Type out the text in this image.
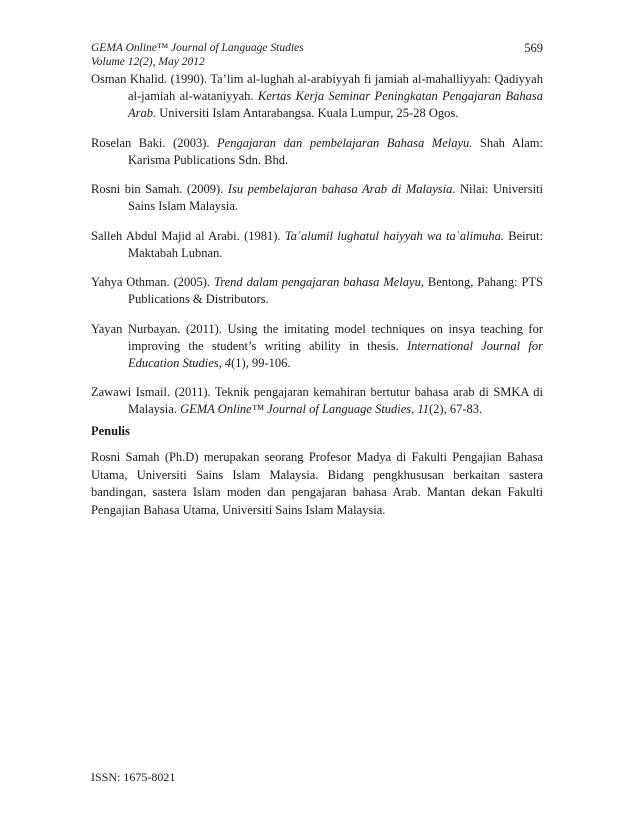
GEMA Online™ Journal of Language Studies
Volume 12(2), May 2012
569

Osman Khalid. (1990). Ta’lim al-lughah al-arabiyyah fi jamiah al-mahalliyyah: Qadiyyah al-jamiah al-wataniyyah. Kertas Kerja Seminar Peningkatan Pengajaran Bahasa Arab. Universiti Islam Antarabangsa. Kuala Lumpur, 25-28 Ogos.

Roselan Baki. (2003). Pengajaran dan pembelajaran Bahasa Melayu. Shah Alam: Karisma Publications Sdn. Bhd.

Rosni bin Samah. (2009). Isu pembelajaran bahasa Arab di Malaysia. Nilai: Universiti Sains Islam Malaysia.

Salleh Abdul Majid al Arabi. (1981). Taʿalumil lughatul haiyyah wa taʿalimuha. Beirut: Maktabah Lubnan.

Yahya Othman. (2005). Trend dalam pengajaran bahasa Melayu, Bentong, Pahang: PTS Publications & Distributors.

Yayan Nurbayan. (2011). Using the imitating model techniques on insya teaching for improving the student’s writing ability in thesis. International Journal for Education Studies, 4(1), 99-106.

Zawawi Ismail. (2011). Teknik pengajaran kemahiran bertutur bahasa arab di SMKA di Malaysia. GEMA Online™ Journal of Language Studies, 11(2), 67-83.

Penulis

Rosni Samah (Ph.D) merupakan seorang Profesor Madya di Fakulti Pengajian Bahasa Utama, Universiti Sains Islam Malaysia. Bidang pengkhususan berkaitan sastera bandingan, sastera Islam moden dan pengajaran bahasa Arab. Mantan dekan Fakulti Pengajian Bahasa Utama, Universiti Sains Islam Malaysia.

ISSN: 1675-8021
